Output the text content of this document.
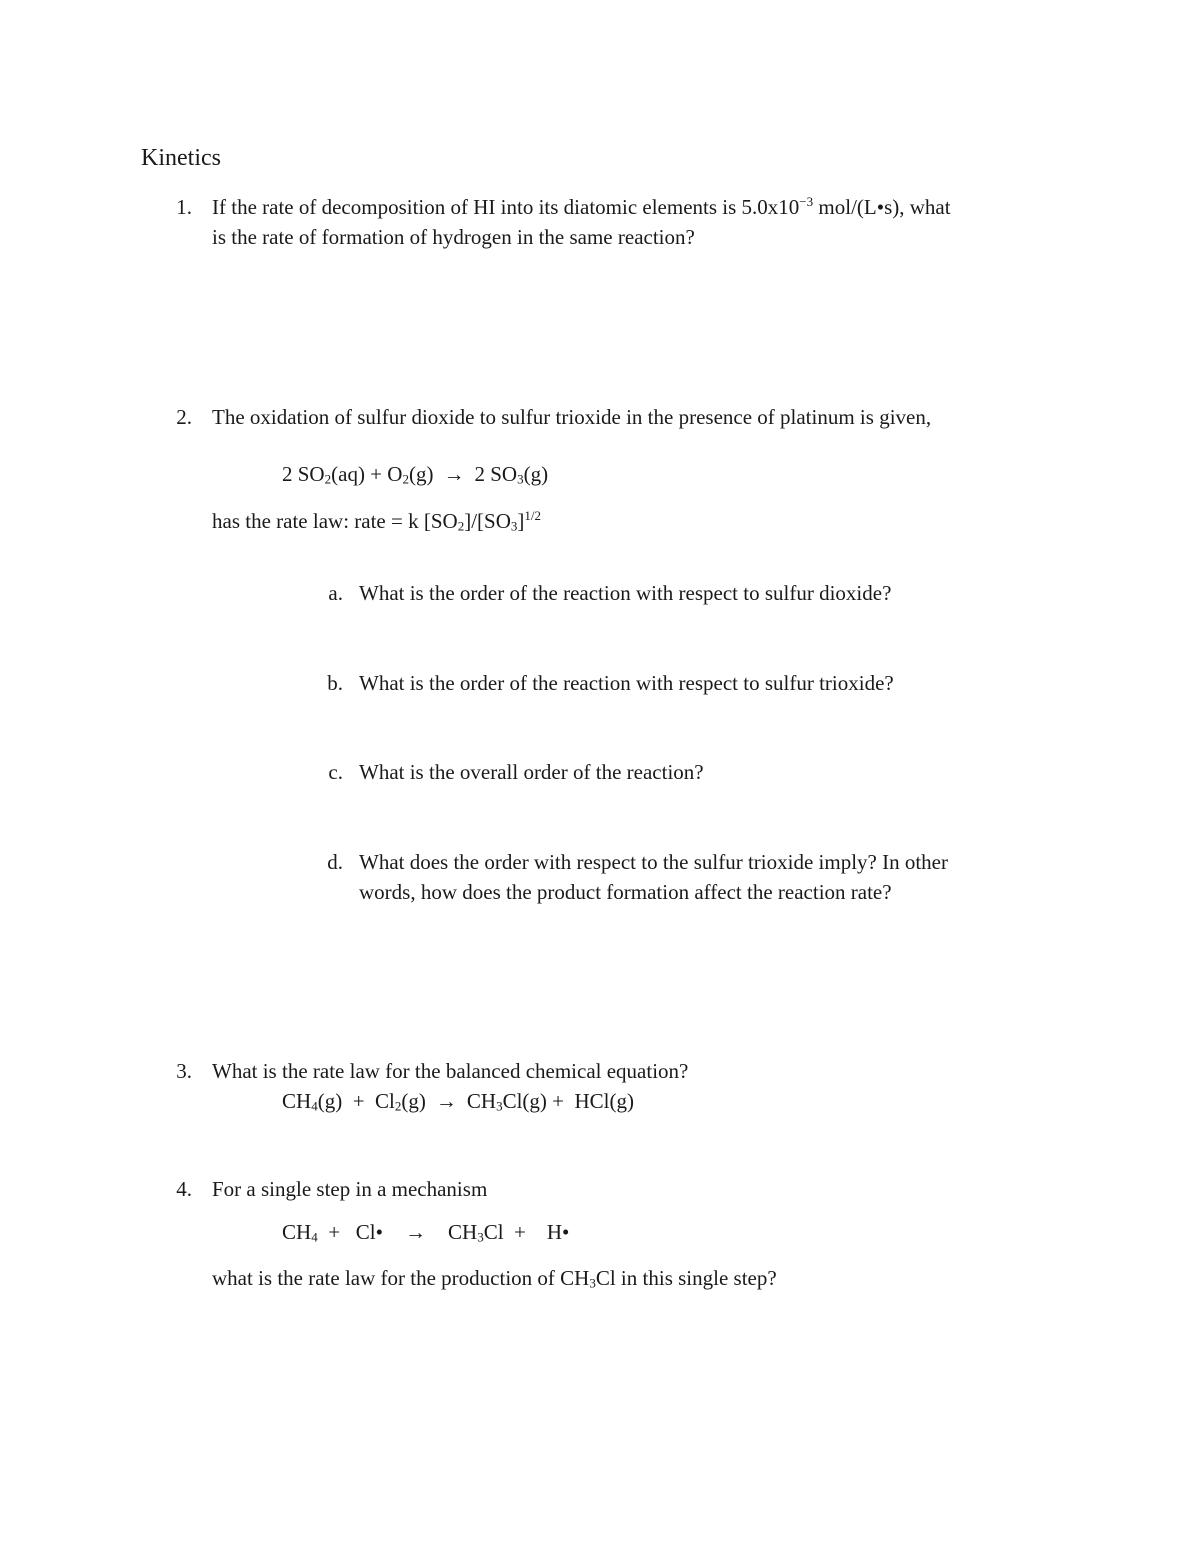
Kinetics
1. If the rate of decomposition of HI into its diatomic elements is $5.0x10^{-3}$ mol/(L•s), what
is the rate of formation of hydrogen in the same reaction?
2. The oxidation of sulfur dioxide to sulfur trioxide in the presence of platinum is given,
2 $SO_2(aq) + O_2(g) \to 2$ $SO_3(g)$
has the rate law: rate = k $[SO_2]/[SO_3]^{1/2}$
a. What is the order of the reaction with respect to sulfur dioxide?
b. What is the order of the reaction with respect to sulfur trioxide?
c. What is the overall order of the reaction?
d. What does the order with respect to the sulfur trioxide imply? In other
words, how does the product formation affect the reaction rate?
3. What is the rate law for the balanced chemical equation?
$CH_4(g) + Cl_2(g) \to CH_3Cl(g) + HCl(g)$
4. For a single step in a mechanism
$CH_4$  +   Cl• → $CH_3Cl$  +    H•
what is the rate law for the production of $CH_3Cl$ in this single step?
